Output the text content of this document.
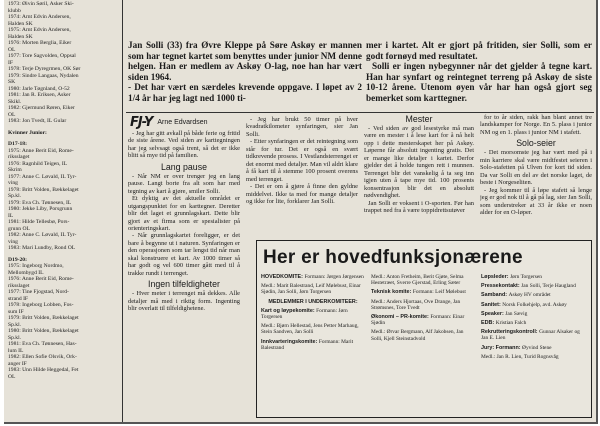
1973: Øivin Søril, Asker Ski-
klubb
1974: Arnt Edvin Andersen,
Halden SK
1975: Arnt Edvin Andersen,
Halden SK
1976: Morten Berglia, Eiker
OL
1977: Tore Sagvolden, Oppsal
IF
1978: Terje Dyregrmen, OK Sør
1979: Sindre Langaas, Nydalen
SK
1980: Jarle Tøgnland, O-52
1981: Jan R. Eriksen, Asker
Skikl.
1982: Gjermund Røren, Eiker
OL
1983: Jon Tvedt, IL Gular
Kvinner Junior:
D17-18:
1975: Anne Berit Eid, Rome-
riksslaget
1976: Ragnhild Teigen, IL
Skrim
1977: Anne C. Løvald, IL Tyr-
ving
1978: Britt Volden, Bækkelaget
Sp.kl.
1979: Eva Ch. Tønnesen, IL
1980: Jekke Liby, Porsgrunn
IL
1981: Hilde Tellesbø, Pors-
grunn OL
1982: Anne C. Løvald, IL Tyr-
ving
1983: Mari Lundby, Rond OL
D19-20:
1975: Ingeborg Nordmo,
Mellombygd IL
1976: Anne Berit Eid, Rome-
riksslaget
1977: Tine Fjogstad, Nord-
strand IF
1978: Ingeborg Lobben, Fos-
sum IF
1979: Britt Volden, Bækkelaget
Sp.kl.
1980: Britt Volden, Bækkelaget
Sp.kl.
1981: Eva Ch. Tønnesen, Has-
lum IL
1982: Ellen Sofie Olsvik, Ork-
anger IF
1983: Unn Hilde Heggedal, Fet
OL

Jan Solli (33) fra Øvre Kleppe på Søre Askøy er mannen som har tegnet kartet som benyttes under junior NM denne helgen. Han er medlem av Askøy O-lag, noe han har vært siden 1964.

- Det har vært en særdeles krevende oppgave. I løpet av 2 1/4 år har jeg lagt ned 1000 ti-

mer i kartet. Alt er gjort på fritiden, sier Solli, som er godt fornøyd med resultatet.

Solli er ingen nybegynner når det gjelder å tegne kart. Han har synfart og reintegnet terreng på Askøy de siste 10-12 årene. Utenom øyen vår har han også gjort seg bemerket som karttegner.

FJ-Y Arne Edvardsen

- Jeg har gitt avkall på både ferie og fritid de siste årene. Ved siden av karttegningen har jeg selvsagt også trent, så det er ikke blitt så mye tid på familien.

Lang pause

- Når NM er over trenger jeg en lang pause. Langt borte fra alt som har med tegning av kart å gjøre, smiler Solli.

Et dyktig av det aktuelle området er utgangspunktet for en karttegner. Deretter blir det laget et grunnlagskart. Dette blir gjort av et firma som er spesialister på orienteringskart.

- Når grunnlagskartet foreligger, er det bare å begynne ut i naturen. Synfaringen er den operasjonen som tar lengst tid når man skal konstruere et kart. Av 1000 timer så har godt og vel 600 timer gått med til å trakke rundt i terrenget.

Ingen tilfeldigheter

- Hver meter i terrenget må dekkes. Alle detaljer må med i riktig form. Ingenting blir overlatt til tilfeldighetene.

- Jeg har brukt 50 timer på hver kvadratkilometer synfaringen, sier Jan Solli.

- Etter synfaringen er det reintegning som står for tur. Det er også en svært tidkrevende prosess. I Vestlandsterrenget er det enormt med detaljer. Man vil aldri klare å få kart til å stemme 100 prosent overens med terrenget.

- Det er om å gjøre å finne den gyldne middelvei. Ikke ta med for mange detaljer og ikke for lite, forklarer Jan Solli.

Mester

- Ved siden av god lesestyrke må man være en mester i å lese kart for å nå helt opp i dette mesterskapet her på Askøy. Løperne får absolutt ingenting gratis. Det er mange like detaljer i kartet. Derfor gjelder det å holde tungen rett i munnen. Terrenget blir det vanskelig å ta seg inn igjen uten å tape mye tid. 100 prosents konsentrasjon blir det en absolutt nødvendighet.

Jan Solli er voksent i O-sporten. Før han trappet ned fra å være toppidrettsutøver

for to år siden, rakk han blant annet tre landskamper for Norge. En 5. plass i junior NM og en 1. plass i junior NM i stafett.

Solo-seier

- Det morsomste jeg har vært med på i min karriere skal være midtfestet seieren i Solo-stafetten på Ulven for kort tid siden. Da var Solli en del av det norske laget, de beste i Norgeseliten.

- Jeg kommer til å løpe stafett så lenge jeg er god nok til å gå på lag, sier Jan Solli, som understreker at 33 år ikke er noen alder for en O-løper.

Her er hovedfunksjonærene

HOVEDKOMITE: Formann: Jørgen Jørgensen

Medl.: Marit Balestrand, Leif Mølebust, Einar Sjødin, Jan Solli, Jørn Torgersen

MEDLEMMER I UNDERKOMITEER:

Kart og løypekomite: Formann: Jørn Torgersen

Medl.: Bjørn Hellestad, Jens Petter Marhaug, Stein Sandven, Jan Solli

Innkvarteringskomite: Formann: Marit Balestrand

Medl.: Anton Fretheim, Berit Gjøte, Selma Hestetræet, Sverre Gjerstad, Erling Sæter

Teknisk komite: Formann: Leif Mølebust

Medl.: Anders Hjortaas, Ove Drange, Jan Strømsnes, Tore Tvedt

Økonomi – PR-komite: Formann: Einar Sjødin

Medl.: Ørvar Bergmann, Alf Jakobsen, Jan Solli, Kjell Steinstadvold

Løpsleder: Jørn Torgersen

Pressekontakt: Jan Solli, Terje Haugland

Samband: Askøy HV området

Sanitet: Norsk Folkehjelp, avd. Askøy

Speaker: Jan Sævig

EDB: Kristian Falch

Rekrutteringskontroll: Gunnar Alsaker og Jan E. Lien

Jury: Formann: Øyvind Stene

Medl.: Jan R. Lien, Turid Rognsvåg
